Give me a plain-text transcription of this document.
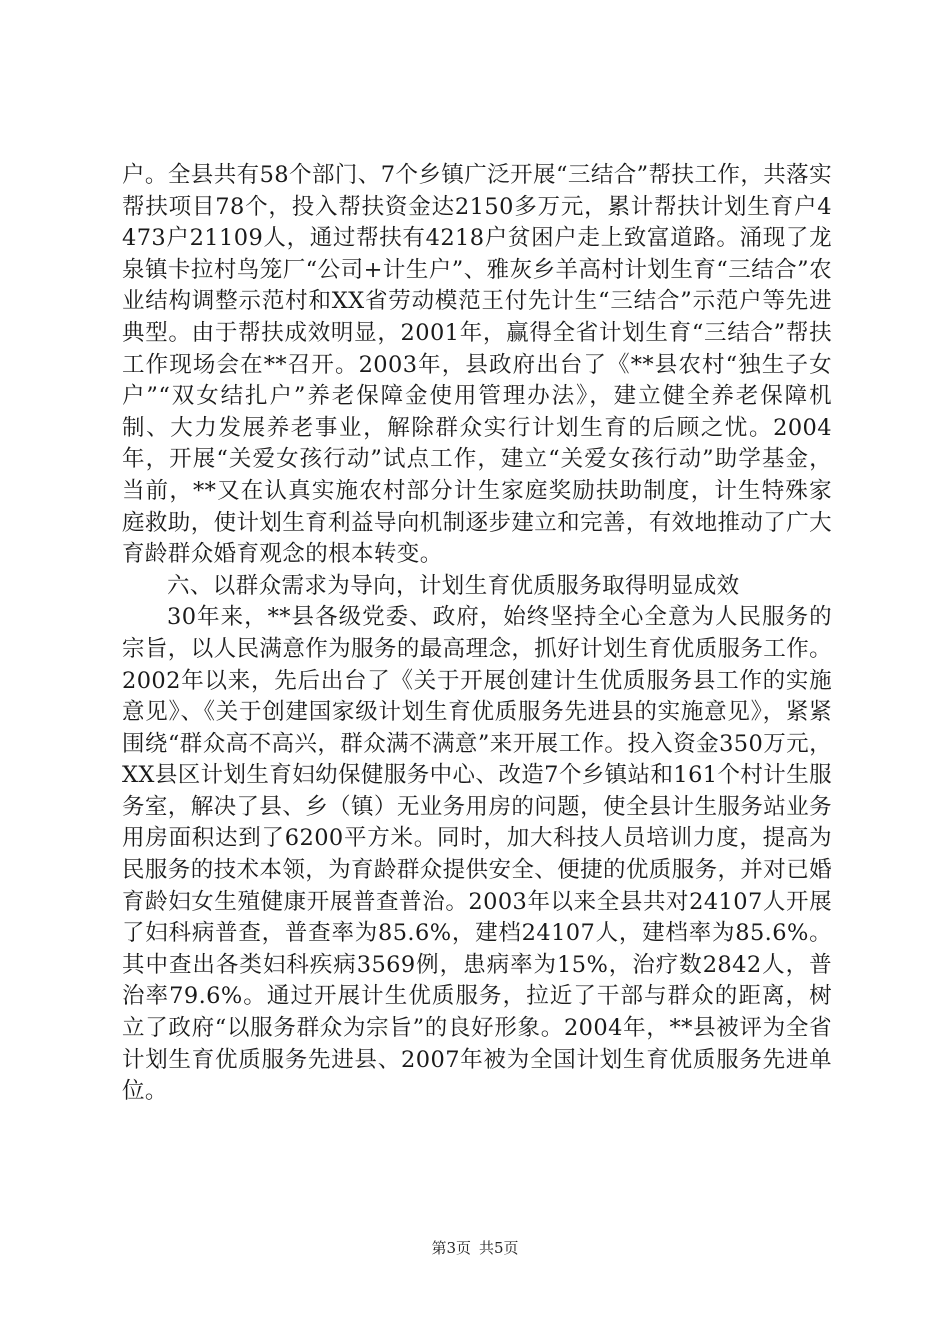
户。全县共有58个部门、7个乡镇广泛开展“三结合”帮扶工作，共落实帮扶项目78个，投入帮扶资金达2150多万元，累计帮扶计划生育户4473户21109人，通过帮扶有4218户贫困户走上致富道路。涌现了龙泉镇卡拉村鸟笼厂“公司+计生户”、雅灰乡羊高村计划生育“三结合”农业结构调整示范村和XX省劳动模范王付先计生“三结合”示范户等先进典型。由于帮扶成效明显，2001年，赢得全省计划生育“三结合”帮扶工作现场会在**召开。2003年，县政府出台了《**县农村“独生子女户”“双女结扎户”养老保障金使用管理办法》，建立健全养老保障机制、大力发展养老事业，解除群众实行计划生育的后顾之忧。2004年，开展“关爱女孩行动”试点工作，建立“关爱女孩行动”助学基金，当前，**又在认真实施农村部分计生家庭奖励扶助制度，计生特殊家庭救助，使计划生育利益导向机制逐步建立和完善，有效地推动了广大育龄群众婚育观念的根本转变。

六、以群众需求为导向，计划生育优质服务取得明显成效

30年来，**县各级党委、政府，始终坚持全心全意为人民服务的宗旨，以人民满意作为服务的最高理念，抓好计划生育优质服务工作。2002年以来，先后出台了《关于开展创建计生优质服务县工作的实施意见》、《关于创建国家级计划生育优质服务先进县的实施意见》，紧紧围绕“群众高不高兴，群众满不满意”来开展工作。投入资金350万元，XX县区计划生育妇幼保健服务中心、改造7个乡镇站和161个村计生服务室，解决了县、乡（镇）无业务用房的问题，使全县计生服务站业务用房面积达到了6200平方米。同时，加大科技人员培训力度，提高为民服务的技术本领，为育龄群众提供安全、便捷的优质服务，并对已婚育龄妇女生殖健康开展普查普治。2003年以来全县共对24107人开展了妇科病普查，普查率为85.6%，建档24107人，建档率为85.6%。其中查出各类妇科疾病3569例，患病率为15%，治疗数2842人，普治率79.6%。通过开展计生优质服务，拉近了干部与群众的距离，树立了政府“以服务群众为宗旨”的良好形象。2004年，**县被评为全省计划生育优质服务先进县、2007年被为全国计划生育优质服务先进单位。

第3页 共5页
